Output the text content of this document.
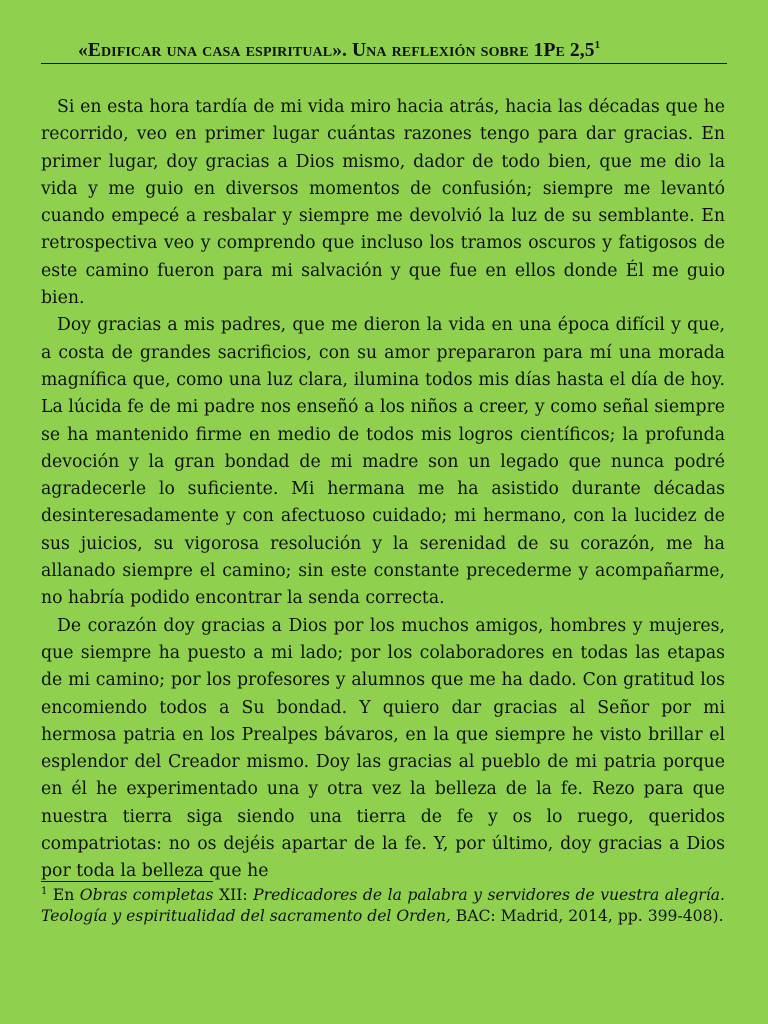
«Edificar una casa espiritual». Una reflexión sobre 1Pe $2,5^1$

Si en esta hora tardía de mi vida miro hacia atrás, hacia las décadas que he recorrido, veo en primer lugar cuántas razones tengo para dar gracias. En primer lugar, doy gracias a Dios mismo, dador de todo bien, que me dio la vida y me guio en diversos momentos de confusión; siempre me levantó cuando empecé a resbalar y siempre me devolvió la luz de su semblante. En retrospectiva veo y comprendo que incluso los tramos oscuros y fatigosos de este camino fueron para mi salvación y que fue en ellos donde Él me guio bien.

Doy gracias a mis padres, que me dieron la vida en una época difícil y que, a costa de grandes sacrificios, con su amor prepararon para mí una morada magnífica que, como una luz clara, ilumina todos mis días hasta el día de hoy. La lúcida fe de mi padre nos enseñó a los niños a creer, y como señal siempre se ha mantenido firme en medio de todos mis logros científicos; la profunda devoción y la gran bondad de mi madre son un legado que nunca podré agradecerle lo suficiente. Mi hermana me ha asistido durante décadas desinteresadamente y con afectuoso cuidado; mi hermano, con la lucidez de sus juicios, su vigorosa resolución y la serenidad de su corazón, me ha allanado siempre el camino; sin este constante precederme y acompañarme, no habría podido encontrar la senda correcta.

De corazón doy gracias a Dios por los muchos amigos, hombres y mujeres, que siempre ha puesto a mi lado; por los colaboradores en todas las etapas de mi camino; por los profesores y alumnos que me ha dado. Con gratitud los encomiendo todos a Su bondad. Y quiero dar gracias al Señor por mi hermosa patria en los Prealpes bávaros, en la que siempre he visto brillar el esplendor del Creador mismo. Doy las gracias al pueblo de mi patria porque en él he experimentado una y otra vez la belleza de la fe. Rezo para que nuestra tierra siga siendo una tierra de fe y os lo ruego, queridos compatriotas: no os dejéis apartar de la fe. Y, por último, doy gracias a Dios por toda la belleza que he

$^1$ En Obras completas XII: Predicadores de la palabra y servidores de vuestra alegría. Teología y espiritualidad del sacramento del Orden, BAC: Madrid, 2014, pp. 399-408).
